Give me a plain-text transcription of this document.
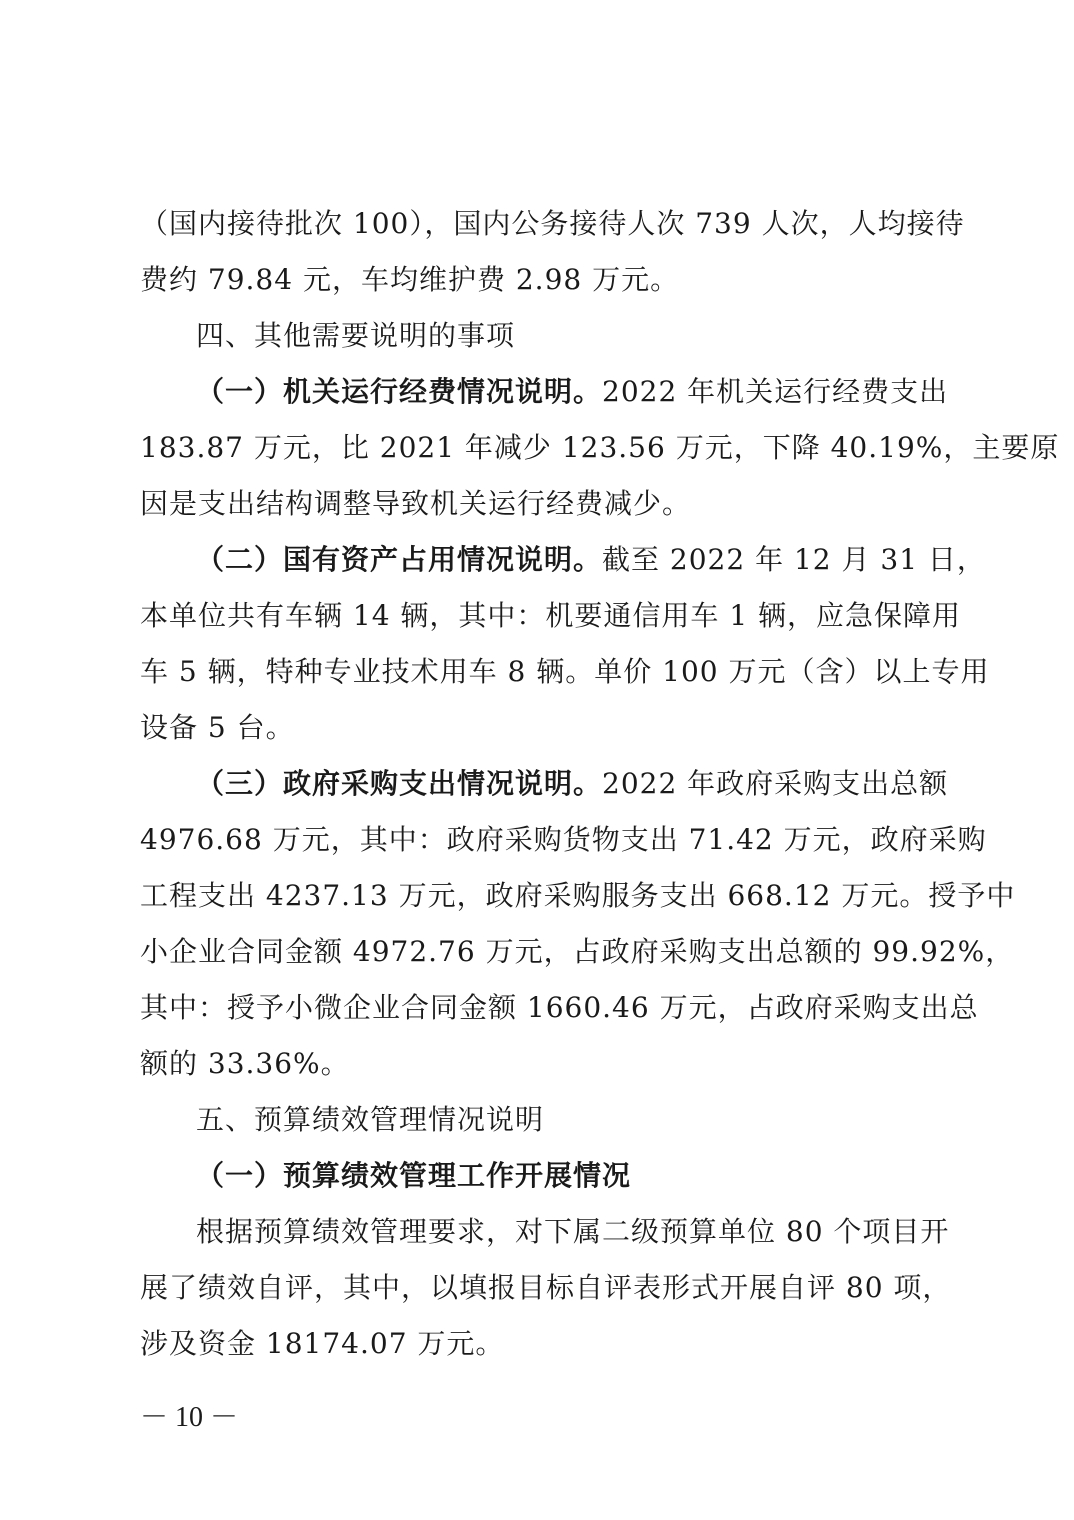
（国内接待批次 100），国内公务接待人次 739 人次，人均接待
费约 79.84 元，车均维护费 2.98 万元。
四、其他需要说明的事项
（一）机关运行经费情况说明。2022 年机关运行经费支出
183.87 万元，比 2021 年减少 123.56 万元，下降 40.19%，主要原
因是支出结构调整导致机关运行经费减少。
（二）国有资产占用情况说明。截至 2022 年 12 月 31 日，
本单位共有车辆 14 辆，其中：机要通信用车 1 辆，应急保障用
车 5 辆，特种专业技术用车 8 辆。单价 100 万元（含）以上专用
设备 5 台。
（三）政府采购支出情况说明。2022 年政府采购支出总额
4976.68 万元，其中：政府采购货物支出 71.42 万元，政府采购
工程支出 4237.13 万元，政府采购服务支出 668.12 万元。授予中
小企业合同金额 4972.76 万元，占政府采购支出总额的 99.92%，
其中：授予小微企业合同金额 1660.46 万元，占政府采购支出总
额的 33.36%。
五、预算绩效管理情况说明
（一）预算绩效管理工作开展情况
根据预算绩效管理要求，对下属二级预算单位 80 个项目开
展了绩效自评，其中，以填报目标自评表形式开展自评 80 项，
涉及资金 18174.07 万元。
－ 10 －
